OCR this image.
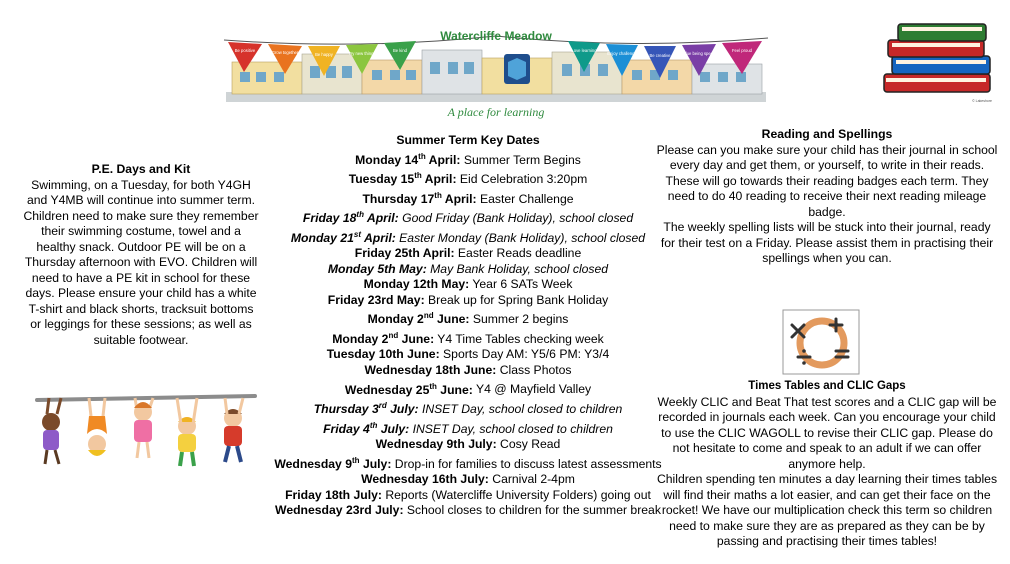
Be positive	Grow together	Be happy	Try new things
Be kind	Love learning
Enjoy challenge	Be creative	Value being special
Feel proud
Watercliffe Meadow
A place for learning
© Lakeshore
P.E. Days and Kit
Swimming, on a Tuesday, for both Y4GH and Y4MB will continue into summer term. Children need to make sure they remember their swimming costume, towel and a healthy snack. Outdoor PE will be on a Thursday afternoon with EVO. Children will need to have a PE kit in school for these days. Please ensure your child has a white T-shirt and black shorts, tracksuit bottoms or leggings for these sessions; as well as suitable footwear.
Summer Term Key Dates
Monday 14th April: Summer Term Begins
Tuesday 15th April: Eid Celebration 3:20pm
Thursday 17th April: Easter Challenge
Friday 18th April: Good Friday (Bank Holiday), school closed
Monday 21st April: Easter Monday (Bank Holiday), school closed
Friday 25th April: Easter Reads deadline
Monday 5th May: May Bank Holiday, school closed
Monday 12th May: Year 6 SATs Week
Friday 23rd May: Break up for Spring Bank Holiday
Monday 2nd June: Summer 2 begins
Monday 2nd June: Y4 Time Tables checking week
Tuesday 10th June: Sports Day AM: Y5/6 PM: Y3/4
Wednesday 18th June: Class Photos
Wednesday 25th June: Y4 @ Mayfield Valley
Thursday 3rd July: INSET Day, school closed to children
Friday 4th July: INSET Day, school closed to children
Wednesday 9th July: Cosy Read
Wednesday 9th July: Drop-in for families to discuss latest assessments
Wednesday 16th July: Carnival 2-4pm
Friday 18th July: Reports (Watercliffe University Folders) going out
Wednesday 23rd July: School closes to children for the summer break
Reading and Spellings

Please can you make sure your child has their journal in school every day and get them, or yourself, to write in their reads. These will go towards their reading badges each term. They need to do 40 reading to receive their next reading mileage badge.

The weekly spelling lists will be stuck into their journal, ready for their test on a Friday. Please assist them in practising their spellings when you can.

Times Tables and CLIC Gaps

Weekly CLIC and Beat That test scores and a CLIC gap will be recorded in journals each week. Can you encourage your child to use the CLIC WAGOLL to revise their CLIC gap. Please do not hesitate to come and speak to an adult if we can offer anymore help.

Children spending ten minutes a day learning their times tables will find their maths a lot easier, and can get their face on the rocket! We have our multiplication check this term so children need to make sure they are as prepared as they can be by passing and practising their times tables!
